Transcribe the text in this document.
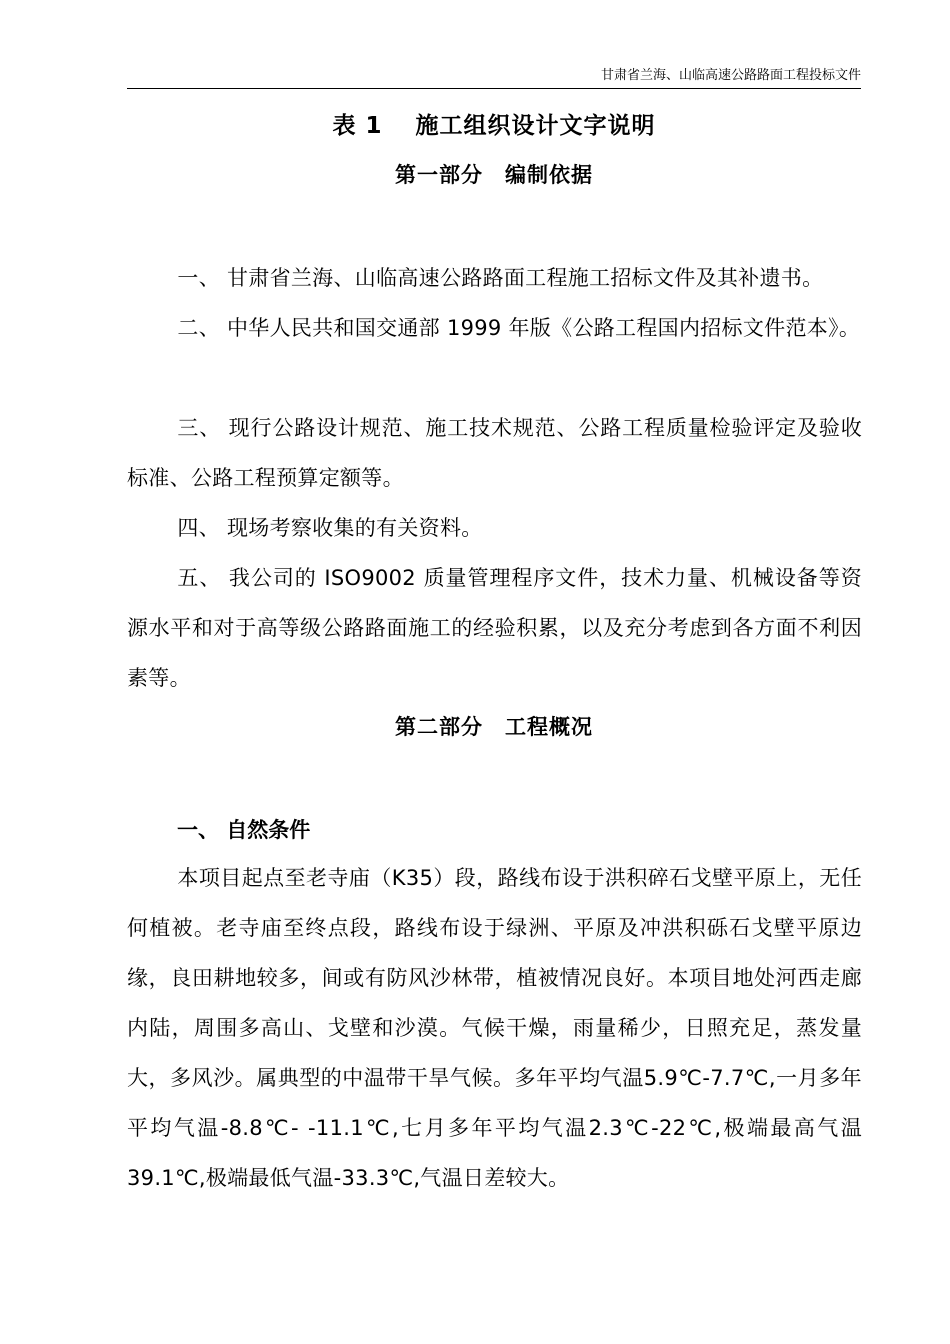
甘肃省兰海、山临高速公路路面工程投标文件
表 1　 施工组织设计文字说明
第一部分　编制依据
一、 甘肃省兰海、山临高速公路路面工程施工招标文件及其补遗书。
二、 中华人民共和国交通部 1999 年版《公路工程国内招标文件范本》。
三、 现行公路设计规范、施工技术规范、公路工程质量检验评定及验收标准、公路工程预算定额等。
四、 现场考察收集的有关资料。
五、 我公司的 ISO9002 质量管理程序文件，技术力量、机械设备等资源水平和对于高等级公路路面施工的经验积累，以及充分考虑到各方面不利因素等。
第二部分　工程概况
一、 自然条件
本项目起点至老寺庙（K35）段，路线布设于洪积碎石戈壁平原上，无任何植被。老寺庙至终点段，路线布设于绿洲、平原及冲洪积砾石戈壁平原边缘，良田耕地较多，间或有防风沙林带，植被情况良好。本项目地处河西走廊内陆，周围多高山、戈壁和沙漠。气候干燥，雨量稀少，日照充足，蒸发量大，多风沙。属典型的中温带干旱气候。多年平均气温5.9℃-7.7℃,一月多年平均气温-8.8℃- -11.1℃,七月多年平均气温2.3℃-22℃,极端最高气温 39.1℃,极端最低气温-33.3℃,气温日差较大。
